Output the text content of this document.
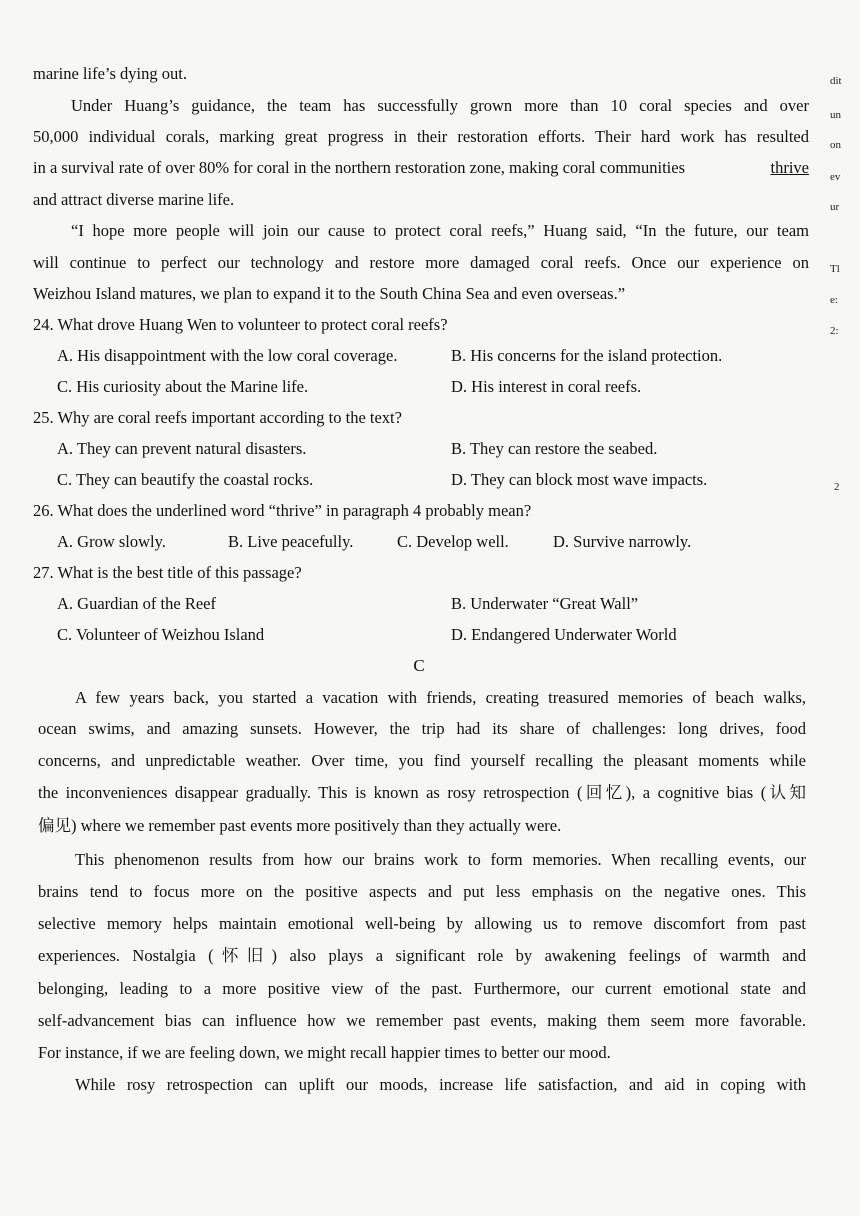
marine life’s dying out.

Under Huang’s guidance, the team has successfully grown more than 10 coral species and over

50,000 individual corals, marking great progress in their restoration efforts. Their hard work has resulted

in a survival rate of over 80% for coral in the northern restoration zone, making coral communities	thrive

and attract diverse marine life.

“I hope more people will join our cause to protect coral reefs,” Huang said, “In the future, our team

will continue to perfect our technology and restore more damaged coral reefs. Once our experience on

Weizhou Island matures, we plan to expand it to the South China Sea and even overseas.”

24. What drove Huang Wen to volunteer to protect coral reefs?

A. His disappointment with the low coral coverage.	B. His concerns for the island protection.

C. His curiosity about the Marine life.	D. His interest in coral reefs.

25. Why are coral reefs important according to the text?

A. They can prevent natural disasters.	B. They can restore the seabed.

C. They can beautify the coastal rocks.	D. They can block most wave impacts.

26. What does the underlined word “thrive” in paragraph 4 probably mean?

A. Grow slowly.	B. Live peacefully.	C. Develop well.	D. Survive narrowly.

27. What is the best title of this passage?

A. Guardian of the Reef	B. Underwater “Great Wall”

C. Volunteer of Weizhou Island	D. Endangered Underwater World

C

A few years back, you started a vacation with friends, creating treasured memories of beach walks,

ocean swims, and amazing sunsets. However, the trip had its share of challenges: long drives, food

concerns, and unpredictable weather. Over time, you find yourself recalling the pleasant moments while

the inconveniences disappear gradually. This is known as rosy retrospection (回忆), a cognitive bias (认知

偏见) where we remember past events more positively than they actually were.

This phenomenon results from how our brains work to form memories. When recalling events, our

brains tend to focus more on the positive aspects and put less emphasis on the negative ones. This

selective memory helps maintain emotional well-being by allowing us to remove discomfort from past

experiences. Nostalgia (怀旧) also plays a significant role by awakening feelings of warmth and

belonging, leading to a more positive view of the past. Furthermore, our current emotional state and

self-advancement bias can influence how we remember past events, making them seem more favorable.

For instance, if we are feeling down, we might recall happier times to better our mood.

While rosy retrospection can uplift our moods, increase life satisfaction, and aid in coping with

dit

un

on

ev

ur

Tl

e:

2:

2
